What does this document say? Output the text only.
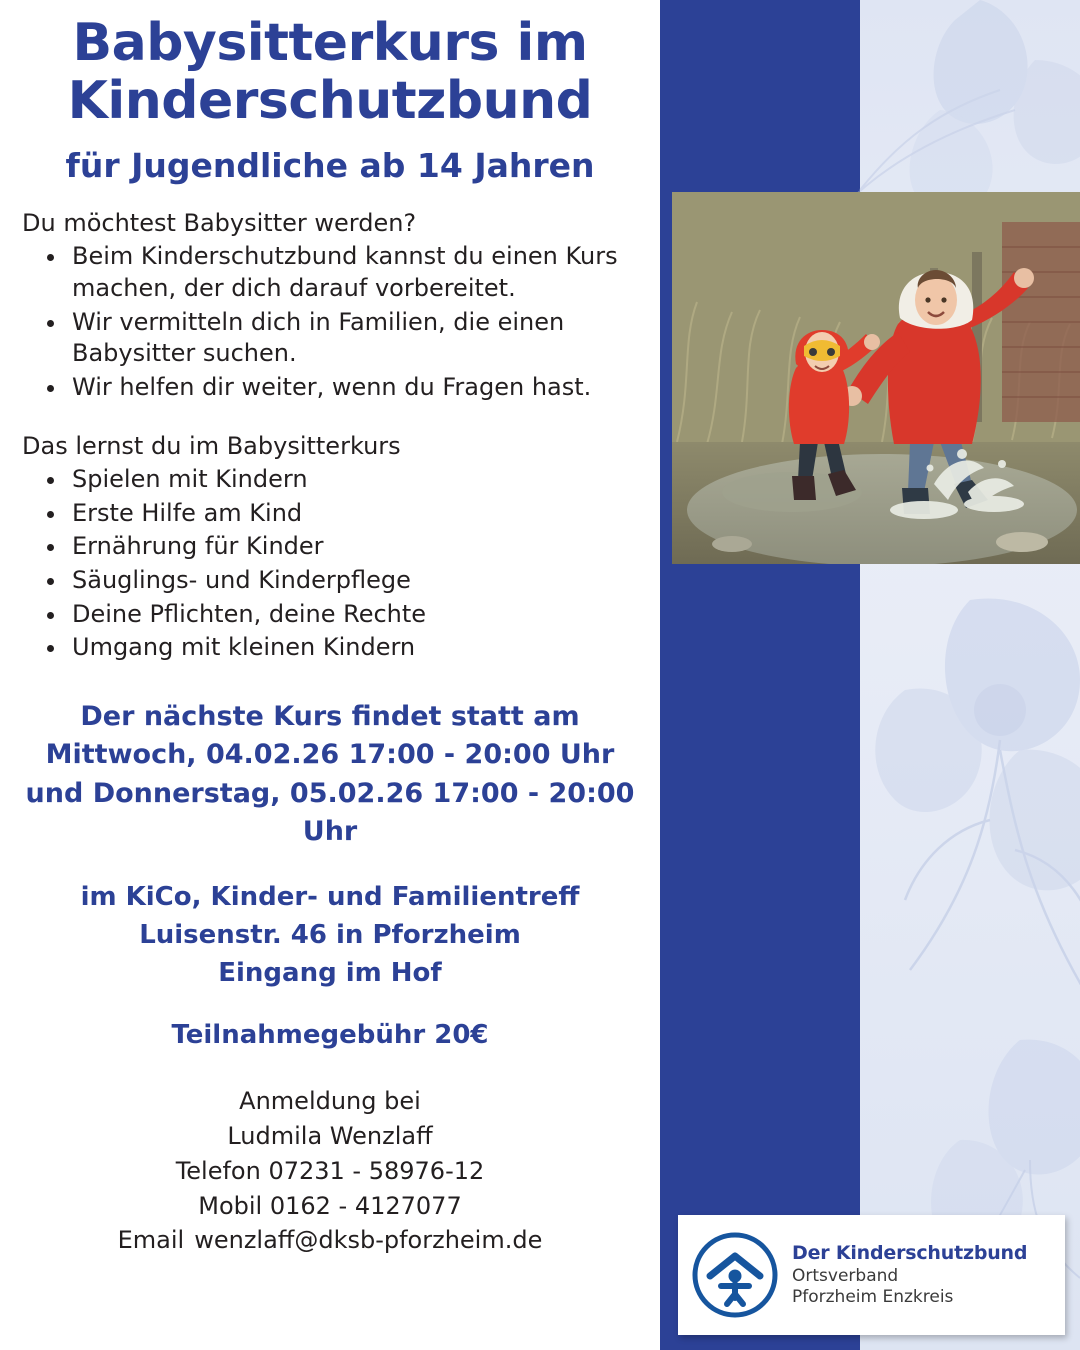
Der Kinderschutzbund
Ortsverband
Pforzheim Enzkreis
Babysitterkurs im
Kinderschutzbund
für Jugendliche ab 14 Jahren

Du möchtest Babysitter werden?

• Beim Kinderschutzbund kannst du einen Kurs machen, der dich darauf vorbereitet.
• Wir vermitteln dich in Familien, die einen Babysitter suchen.
• Wir helfen dir weiter, wenn du Fragen hast.

Das lernst du im Babysitterkurs

• Spielen mit Kindern
• Erste Hilfe am Kind
• Ernährung für Kinder
• Säuglings- und Kinderpflege
• Deine Pflichten, deine Rechte
• Umgang mit kleinen Kindern
Der nächste Kurs findet statt am
Mittwoch, 04.02.26 17:00 - 20:00 Uhr
und Donnerstag, 05.02.26 17:00 - 20:00 Uhr
im KiCo, Kinder- und Familientreff
Luisenstr. 46 in Pforzheim
Eingang im Hof
Teilnahmegebühr 20€
Anmeldung bei
Ludmila Wenzlaff
Telefon 07231 - 58976-12
Mobil 0162 - 4127077
Email wenzlaff@dksb-pforzheim.de
